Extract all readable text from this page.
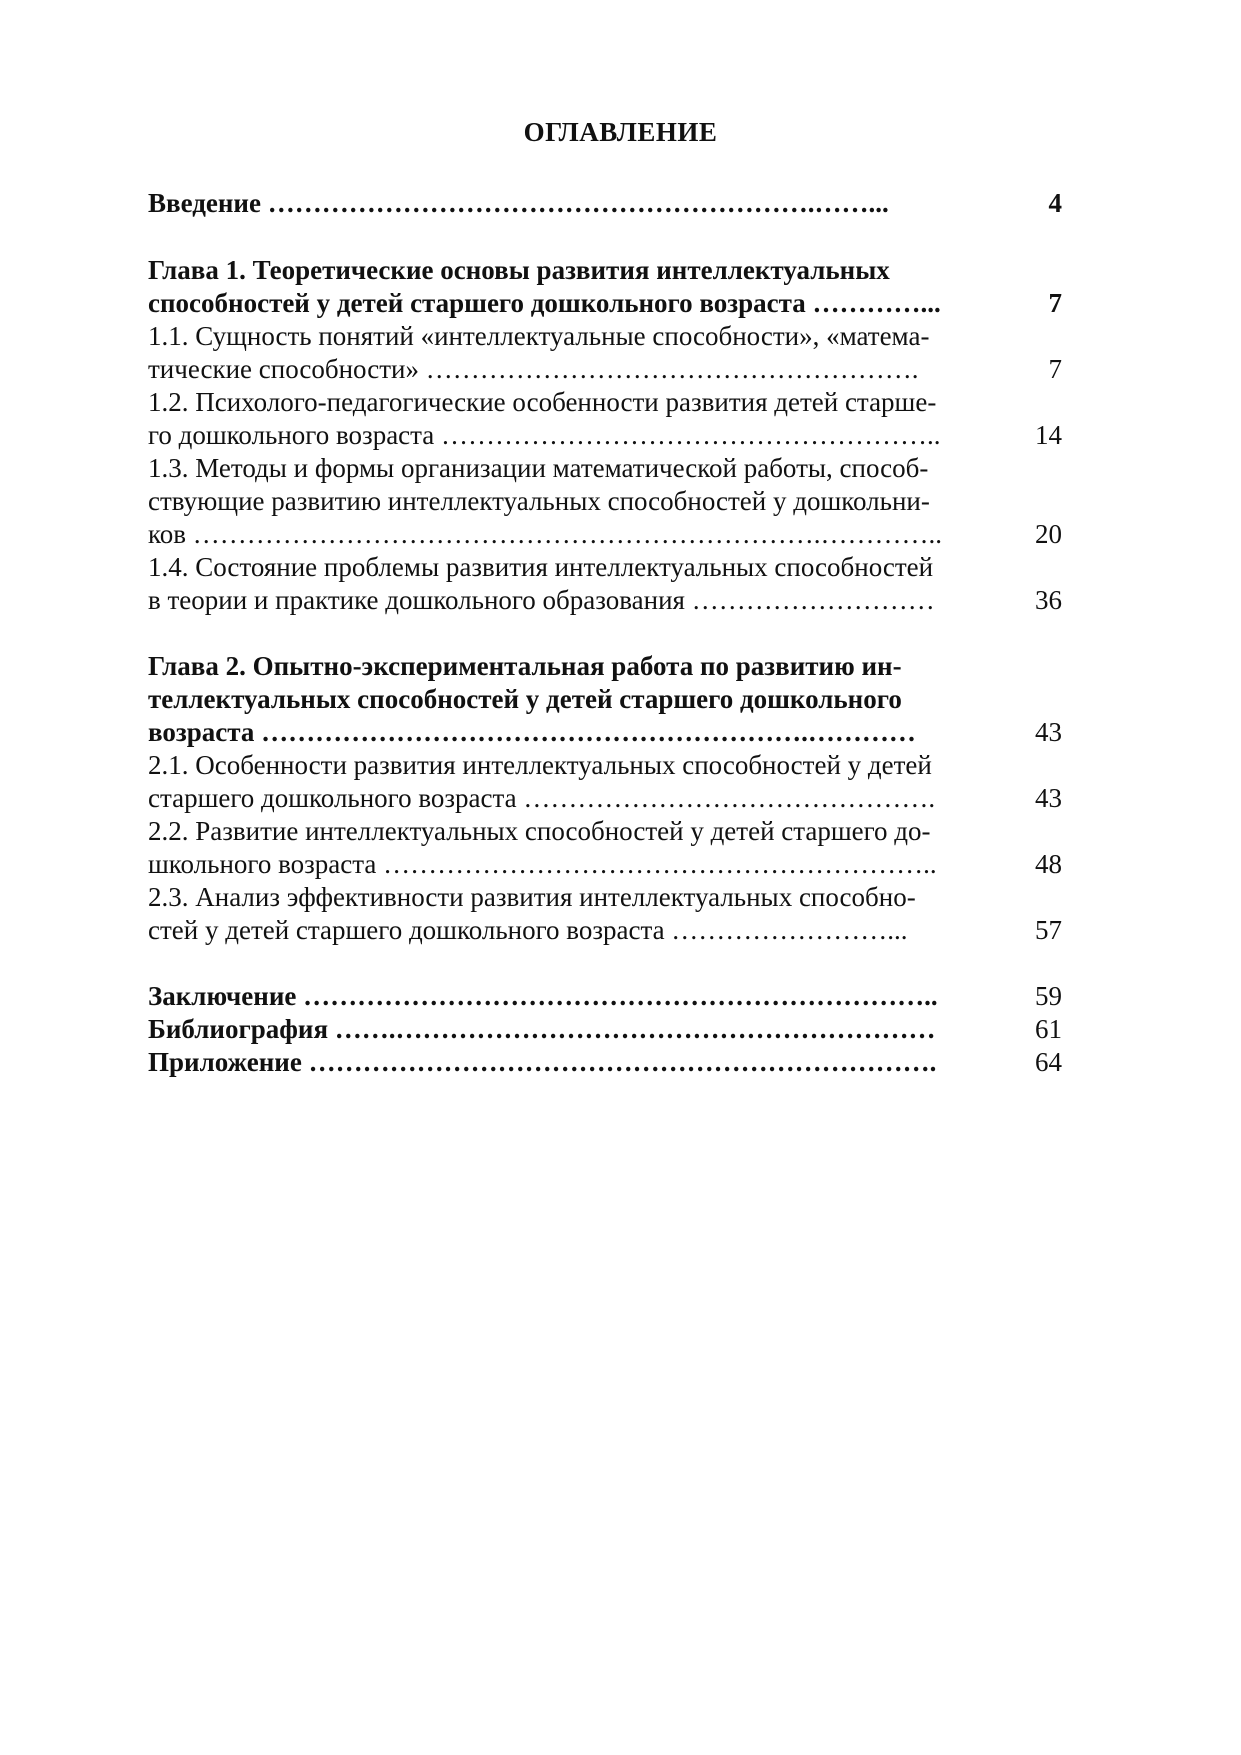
ОГЛАВЛЕНИЕ
Введение …………………………………………………….……...	4
Глава 1. Теоретические основы развития интеллектуальных
способностей у детей старшего дошкольного возраста …………...	7
1.1. Сущность понятий «интеллектуальные способности», «матема-
тические способности» ……………………………………………….	7
1.2. Психолого-педагогические особенности развития детей старше-
го дошкольного возраста ………………………………………………..	14
1.3. Методы и формы организации математической работы, способ-
ствующие развитию интеллектуальных способностей у дошкольни-
ков …………………………………………………………….…………..	20
1.4. Состояние проблемы развития интеллектуальных способностей
в теории и практике дошкольного образования ………………………	36
Глава 2. Опытно-экспериментальная работа по развитию ин-
теллектуальных способностей у детей старшего дошкольного
возраста …………………………………………………….…………	43
2.1. Особенности развития интеллектуальных способностей у детей
старшего дошкольного возраста ……………………………………….	43
2.2. Развитие интеллектуальных способностей у детей старшего до-
школьного возраста ……………………………………………………..	48
2.3. Анализ эффективности развития интеллектуальных способно-
стей у детей старшего дошкольного возраста ……………………...	57
Заключение ……………………………………………………………..	59
Библиография …….……………………………………………………	61
Приложение …………………………………………………………….	64
